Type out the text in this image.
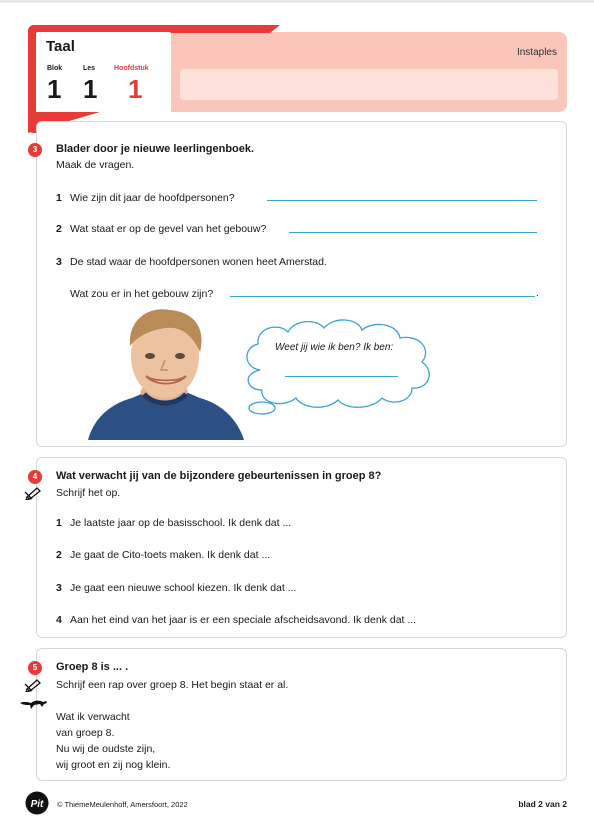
Taal
Blok	Les	Hoofdstuk
1 1 1
Instaples
3	Blader door je nieuwe leerlingenboek.
Maak de vragen.
1 Wie zijn dit jaar de hoofdpersonen?
2 Wat staat er op de gevel van het gebouw?
3 De stad waar de hoofdpersonen wonen heet Amerstad.
Wat zou er in het gebouw zijn?	.
Weet jij wie ik ben? Ik ben:
4	Wat verwacht jij van de bijzondere gebeurtenissen in groep 8?
Schrijf het op.
1 Je laatste jaar op de basisschool. Ik denk dat ...
2 Je gaat de Cito-toets maken. Ik denk dat ...
3 Je gaat een nieuwe school kiezen. Ik denk dat ...
4 Aan het eind van het jaar is er een speciale afscheidsavond. Ik denk dat ...
5	Groep 8 is ... .
Schrijf een rap over groep 8. Het begin staat er al.
Wat ik verwacht
van groep 8.
Nu wij de oudste zijn,
wij groot en zij nog klein.
Pit © ThiemeMeulenhoff, Amersfoort, 2022	blad 2 van 2
